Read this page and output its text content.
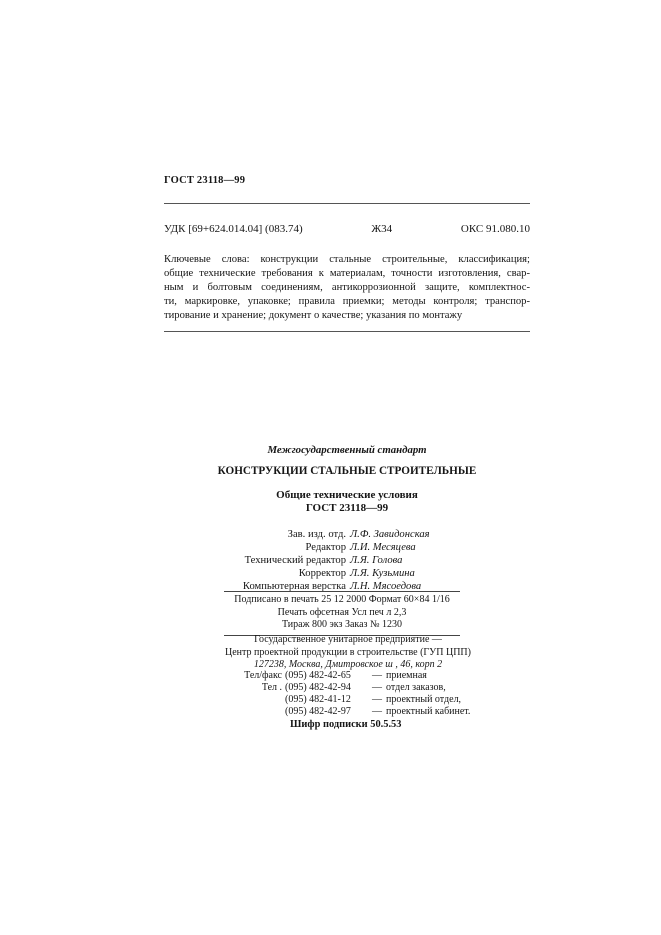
ГОСТ 23118—99
УДК [69+624.014.04] (083.74)	Ж34	ОКС 91.080.10
Ключевые слова: конструкции стальные строительные, классификация;
общие технические требования к материалам, точности изготовления, свар-
ным и болтовым соединениям, антикоррозионной защите, комплектнос-
ти, маркировке, упаковке; правила приемки; методы контроля; транспор-
тирование и хранение; документ о качестве; указания по монтажу
Межгосударственный стандарт
КОНСТРУКЦИИ СТАЛЬНЫЕ СТРОИТЕЛЬНЫЕ
Общие технические условия
ГОСТ 23118—99
Зав. изд. отд. Л.Ф. Завидонская
Редактор Л.И. Месяцева
Технический редактор Л.Я. Голова
Корректор Л.Я. Кузьмина
Компьютерная верстка Л.Н. Мясоедова
Подписано в печать 25 12 2000 Формат 60×84 1/16
Печать офсетная Усл печ л 2,3
Тираж 800 экз Заказ № 1230
Государственное унитарное предприятие —
Центр проектной продукции в строительстве (ГУП ЦПП)
127238, Москва, Дмитровское ш , 46, корп 2
Тел/факс (095) 482-42-65	— приемная
Тел . (095) 482-42-94	— отдел заказов,
(095) 482-41-12	— проектный отдел,
(095) 482-42-97	— проектный кабинет.
Шифр подписки 50.5.53
